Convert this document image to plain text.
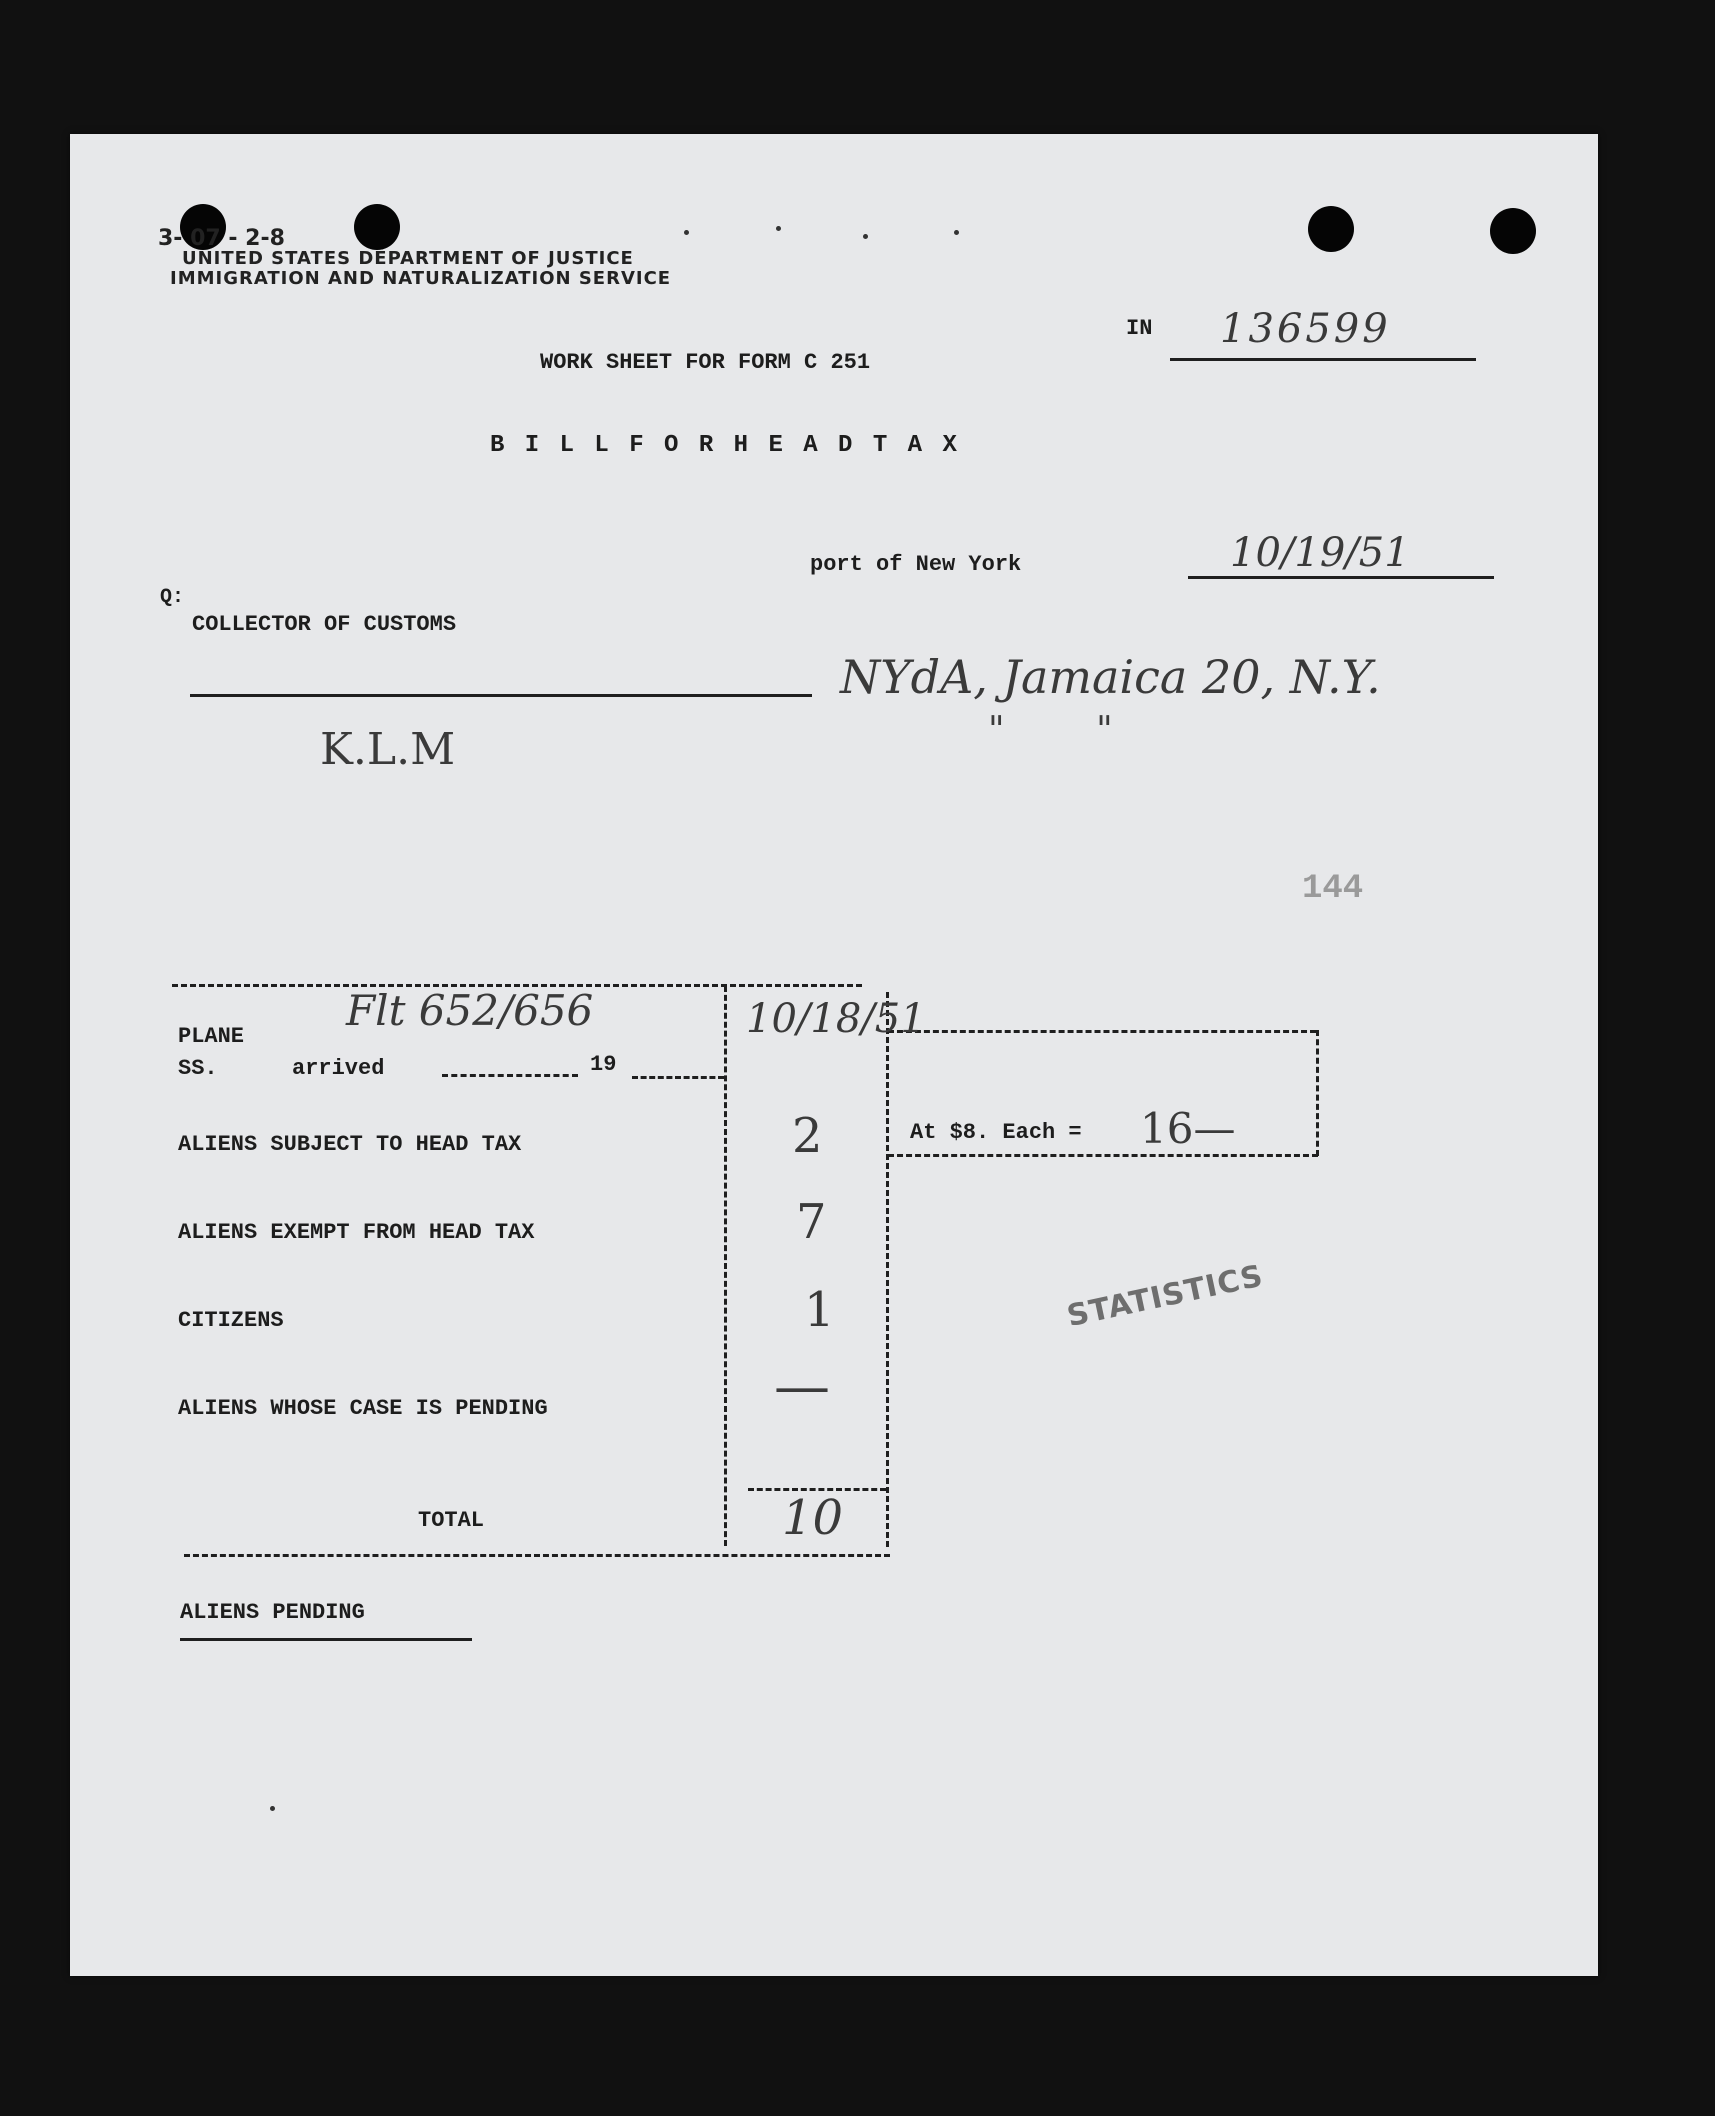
3- 07 - 2-8
UNITED STATES DEPARTMENT OF JUSTICE
IMMIGRATION AND NATURALIZATION SERVICE
IN 136599
WORK SHEET FOR FORM C 251
B I L L F O R H E A D T A X
port of New York	10/19/51
Q:
COLLECTOR OF CUSTOMS
NYdA, Jamaica 20, N.Y.
"        "
K.L.M
144
At $8. Each = 16—
PLANE
SS.	arrived	19
Flt 652/656	10/18/51
ALIENS SUBJECT TO HEAD TAX	2
ALIENS EXEMPT FROM HEAD TAX	7
CITIZENS	1
ALIENS WHOSE CASE IS PENDING	—
TOTAL	10
STATISTICS
ALIENS PENDING
